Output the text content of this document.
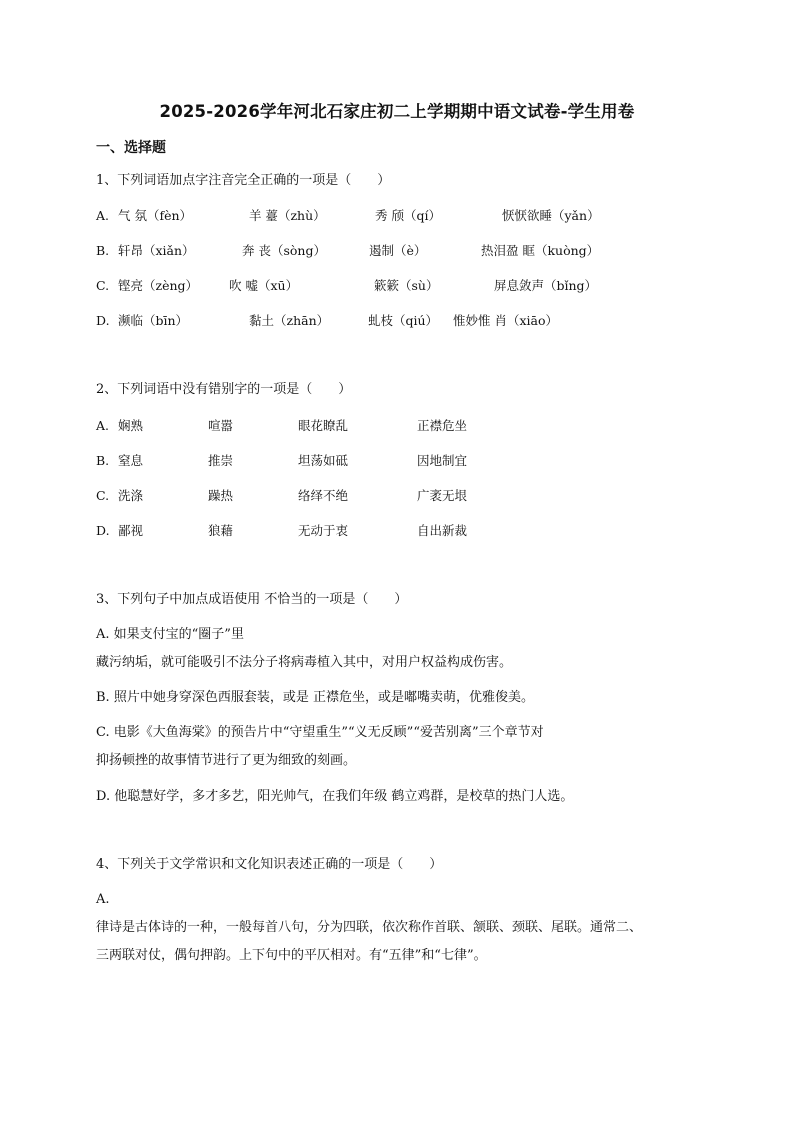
2025-2026学年河北石家庄初二上学期期中语文试卷-学生用卷
一、选择题
1、下列词语加点字注音完全正确的一项是（　　）
A. 气 氛（fèn）	羊 薹（zhù）	秀 颀（qí）	恹恹欲睡（yǎn）
B. 轩昂（xiǎn）	奔 丧（sòng）	遏制（è）	热泪盈 眶（kuòng）
C. 铿亮（zèng） 吹 嘘（xū）	簌簌（sù）	屏息敛声（bǐng）
D. 濒临（bīn）	黏土（zhān）	虬枝（qiú） 惟妙惟 肖（xiāo）
2、下列词语中没有错别字的一项是（　　）
A. 娴熟	喧嚣	眼花瞭乱	正襟危坐
B. 窒息	推崇	坦荡如砥	因地制宜
C. 洗涤	躁热	络绎不绝	广袤无垠
D. 鄙视	狼藉	无动于衷	自出新裁
3、下列句子中加点成语使用 不恰当的一项是（　　）
A. 如果支付宝的“圈子”里
藏污纳垢，就可能吸引不法分子将病毒植入其中，对用户权益构成伤害。
B. 照片中她身穿深色西服套装，或是 正襟危坐，或是嘟嘴卖萌，优雅俊美。
C. 电影《大鱼海棠》的预告片中“守望重生”“义无反顾”“爱苦别离”三个章节对
抑扬顿挫的故事情节进行了更为细致的刻画。
D. 他聪慧好学，多才多艺，阳光帅气，在我们年级 鹤立鸡群，是校草的热门人选。
4、下列关于文学常识和文化知识表述正确的一项是（　　）
A.
律诗是古体诗的一种，一般每首八句，分为四联，依次称作首联、颔联、颈联、尾联。通常二、
三两联对仗，偶句押韵。上下句中的平仄相对。有“五律”和“七律”。
